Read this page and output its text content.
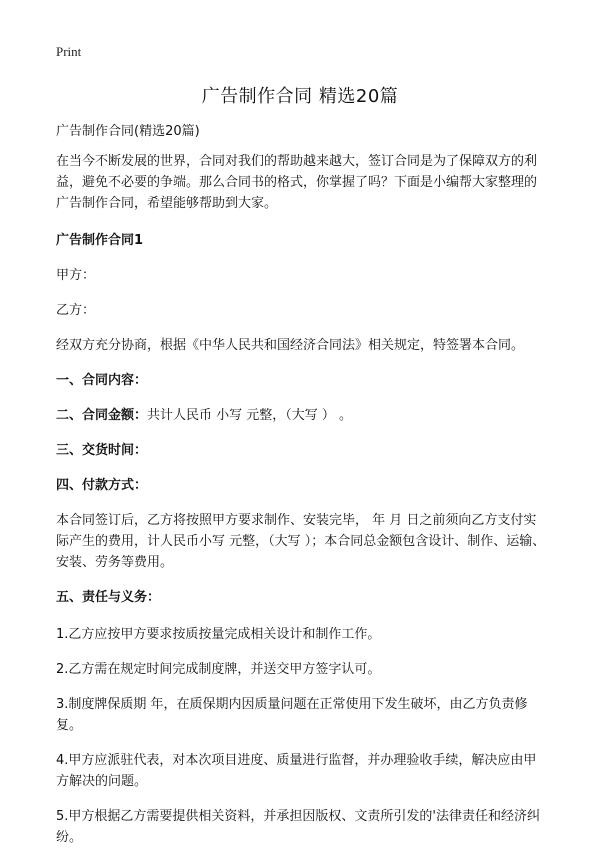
Print
广告制作合同 精选20篇

广告制作合同(精选20篇)

在当今不断发展的世界，合同对我们的帮助越来越大，签订合同是为了保障双方的利益，避免不必要的争端。那么合同书的格式，你掌握了吗？下面是小编帮大家整理的广告制作合同，希望能够帮助到大家。

广告制作合同1

甲方：

乙方：

经双方充分协商，根据《中华人民共和国经济合同法》相关规定，特签署本合同。

一、合同内容：

二、合同金额：共计人民币 小写 元整，（大写 ） 。

三、交货时间：

四、付款方式：

本合同签订后，乙方将按照甲方要求制作、安装完毕， 年 月 日之前须向乙方支付实际产生的费用，计人民币小写 元整，（大写 ）；本合同总金额包含设计、制作、运输、安装、劳务等费用。

五、责任与义务：

1.乙方应按甲方要求按质按量完成相关设计和制作工作。

2.乙方需在规定时间完成制度牌，并送交甲方签字认可。

3.制度牌保质期 年，在质保期内因质量问题在正常使用下发生破坏，由乙方负责修复。

4.甲方应派驻代表，对本次项目进度、质量进行监督，并办理验收手续，解决应由甲方解决的问题。

5.甲方根据乙方需要提供相关资料，并承担因版权、文责所引发的'法律责任和经济纠纷。
